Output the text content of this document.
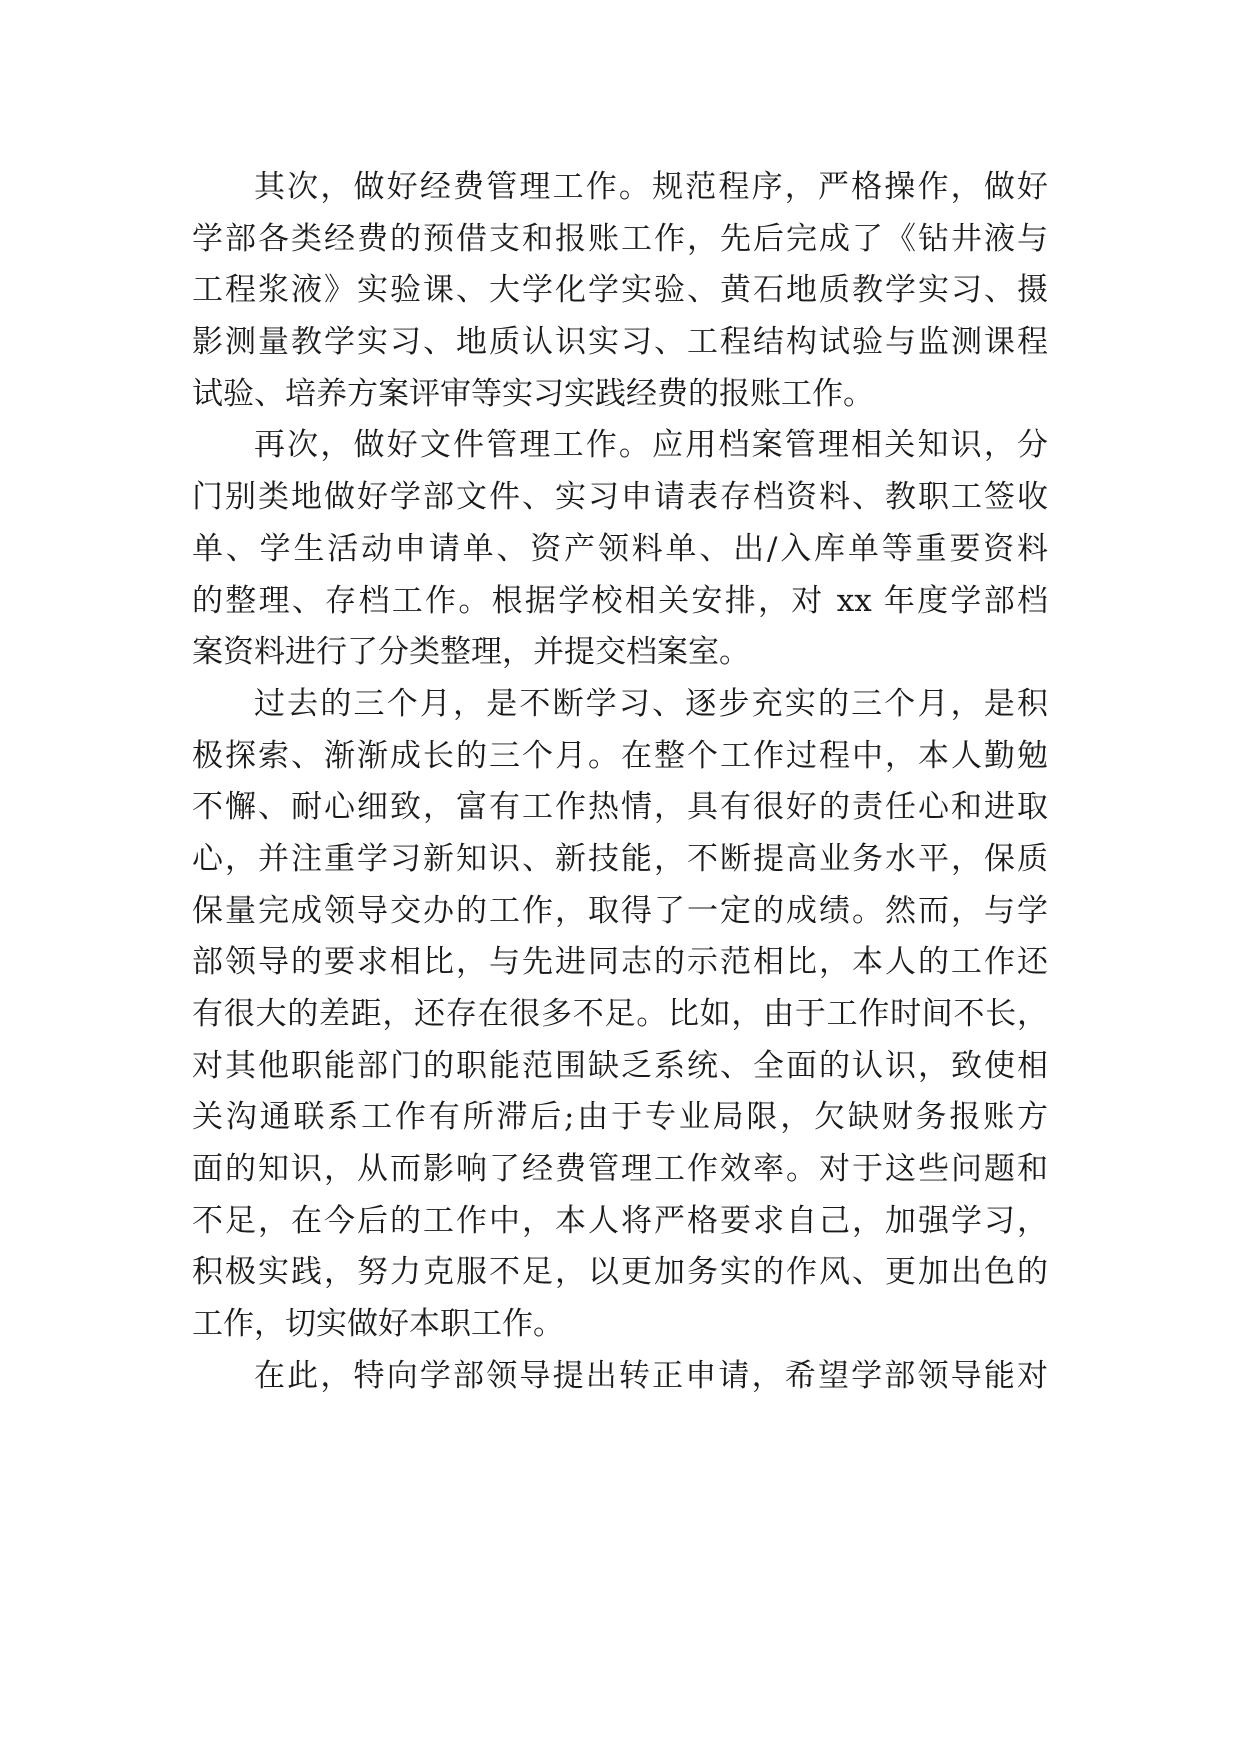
其次，做好经费管理工作。规范程序，严格操作，做好
学部各类经费的预借支和报账工作，先后完成了《钻井液与
工程浆液》实验课、大学化学实验、黄石地质教学实习、摄
影测量教学实习、地质认识实习、工程结构试验与监测课程
试验、培养方案评审等实习实践经费的报账工作。
再次，做好文件管理工作。应用档案管理相关知识，分
门别类地做好学部文件、实习申请表存档资料、教职工签收
单、学生活动申请单、资产领料单、出/入库单等重要资料
的整理、存档工作。根据学校相关安排，对 xx 年度学部档
案资料进行了分类整理，并提交档案室。
过去的三个月，是不断学习、逐步充实的三个月，是积
极探索、渐渐成长的三个月。在整个工作过程中，本人勤勉
不懈、耐心细致，富有工作热情，具有很好的责任心和进取
心，并注重学习新知识、新技能，不断提高业务水平，保质
保量完成领导交办的工作，取得了一定的成绩。然而，与学
部领导的要求相比，与先进同志的示范相比，本人的工作还
有很大的差距，还存在很多不足。比如，由于工作时间不长，
对其他职能部门的职能范围缺乏系统、全面的认识，致使相
关沟通联系工作有所滞后;由于专业局限，欠缺财务报账方
面的知识，从而影响了经费管理工作效率。对于这些问题和
不足，在今后的工作中，本人将严格要求自己，加强学习，
积极实践，努力克服不足，以更加务实的作风、更加出色的
工作，切实做好本职工作。
在此，特向学部领导提出转正申请，希望学部领导能对
